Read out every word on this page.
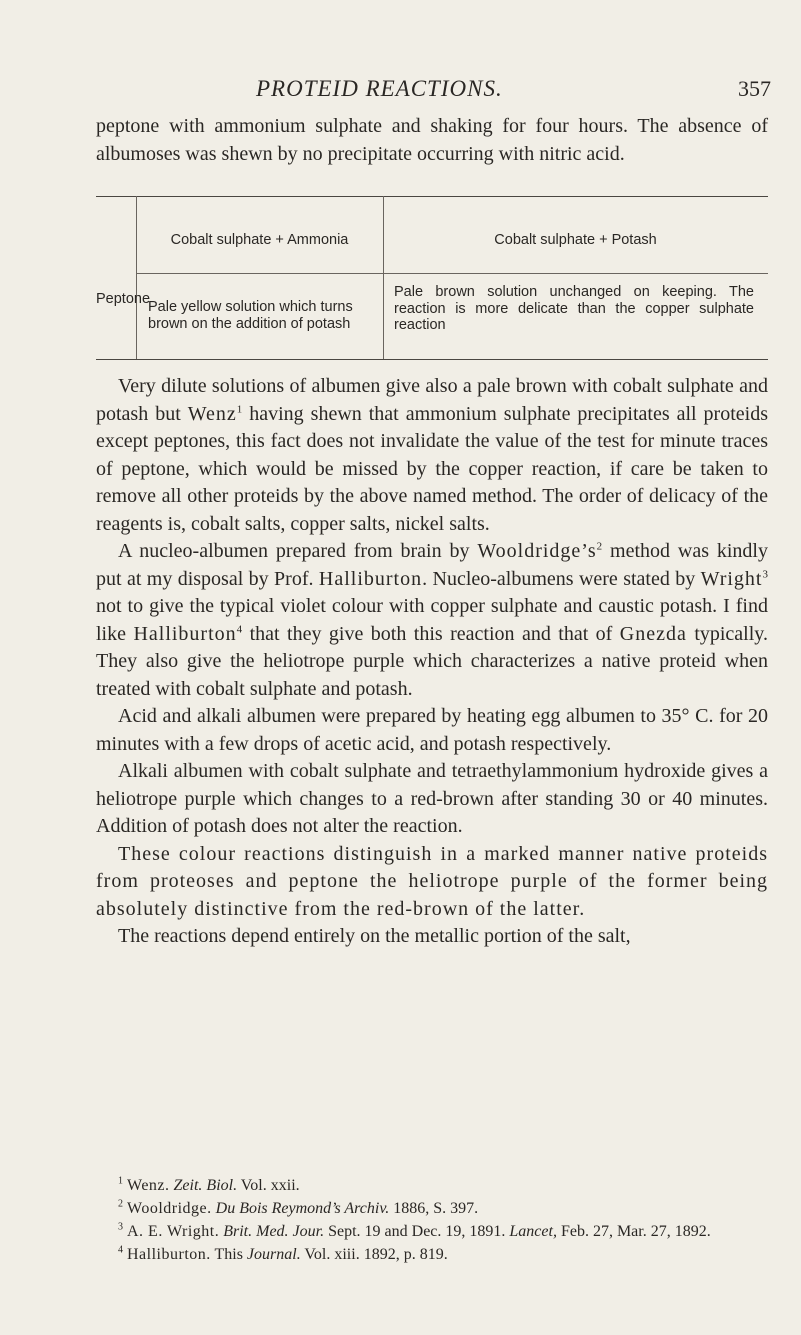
PROTEID REACTIONS.	357

peptone with ammonium sulphate and shaking for four hours. The absence of albumoses was shewn by no precipitate occurring with nitric acid.

Peptone
Cobalt sulphate + Ammonia	Cobalt sulphate + Potash
Pale yellow solution which turns brown on the addition of potash
Pale brown solution unchanged on keeping. The reaction is more delicate than the copper sulphate reaction

Very dilute solutions of albumen give also a pale brown with cobalt sulphate and potash but Wenz$^1$ having shewn that ammonium sulphate precipitates all proteids except peptones, this fact does not invalidate the value of the test for minute traces of peptone, which would be missed by the copper reaction, if care be taken to remove all other proteids by the above named method. The order of delicacy of the reagents is, cobalt salts, copper salts, nickel salts.

A nucleo-albumen prepared from brain by $Wooldridge’s^2$ method was kindly put at my disposal by Prof. Halliburton. Nucleo-albumens were stated by Wright$^3$ not to give the typical violet colour with copper sulphate and caustic potash. I find like Halliburton$^4$ that they give both this reaction and that of Gnezda typically. They also give the heliotrope purple which characterizes a native proteid when treated with cobalt sulphate and potash.

Acid and alkali albumen were prepared by heating egg albumen to 35° C. for 20 minutes with a few drops of acetic acid, and potash respectively.

Alkali albumen with cobalt sulphate and tetraethylammonium hydroxide gives a heliotrope purple which changes to a red-brown after standing 30 or 40 minutes. Addition of potash does not alter the reaction.

These colour reactions distinguish in a marked manner native proteids from proteoses and peptone the heliotrope purple of the former being absolutely distinctive from the red-brown of the latter.

The reactions depend entirely on the metallic portion of the salt,

$^1$ Wenz. Zeit. Biol. Vol. xxii.

$^2$ Wooldridge. Du Bois Reymond’s Archiv. 1886, S. 397.

$^3$ A. E. Wright. Brit. Med. Jour. Sept. 19 and Dec. 19, 1891. Lancet, Feb. 27, Mar. 27, 1892.

$^4$ Halliburton. This Journal. Vol. xiii. 1892, p. 819.
